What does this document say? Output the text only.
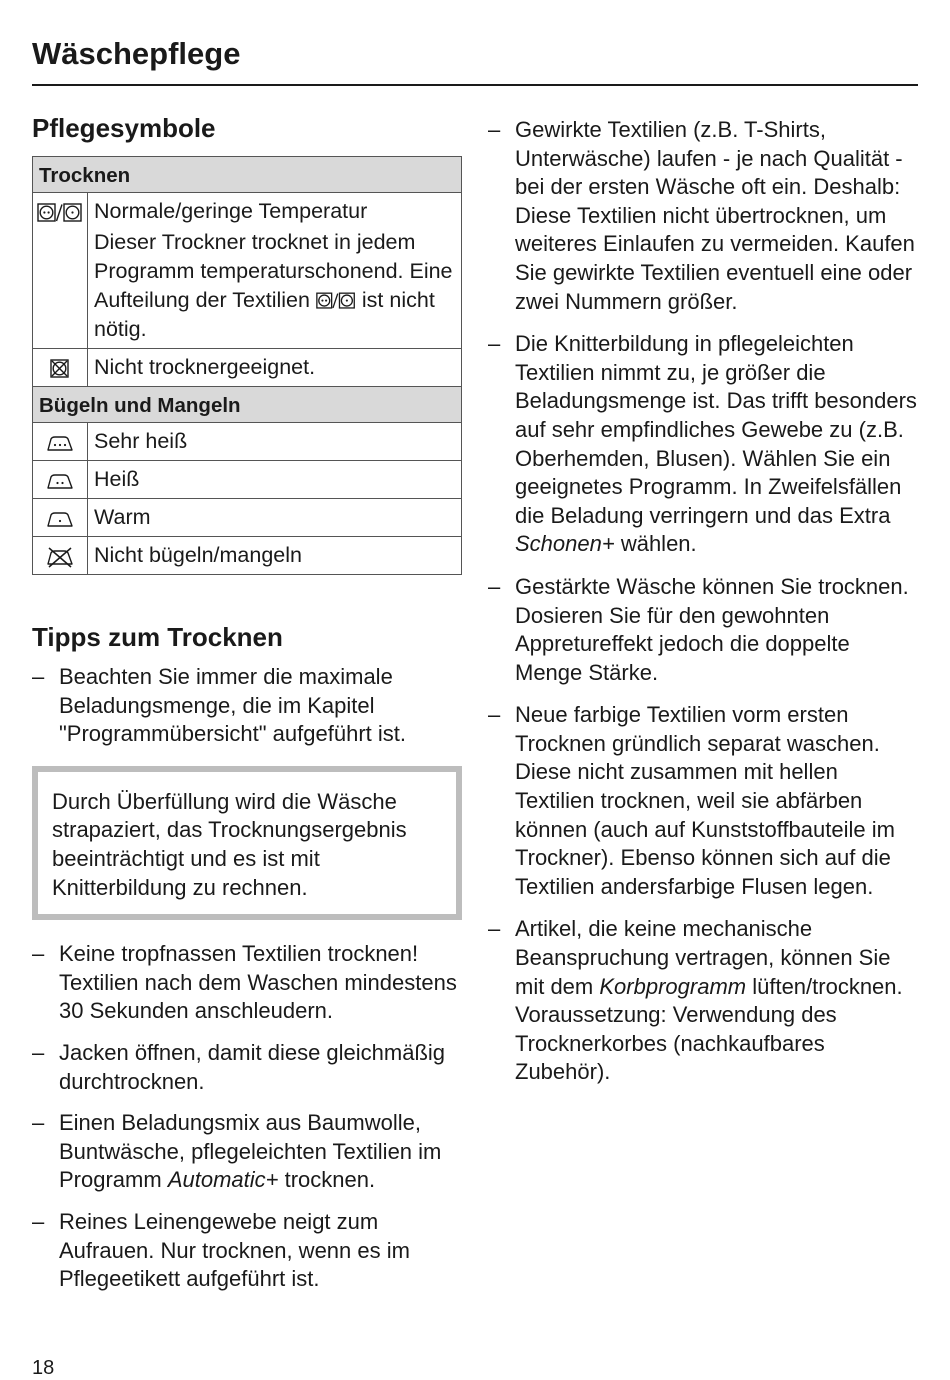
Wäschepflege
Pflegesymbole
Trocknen	
	Normale/geringe Temperatur
Dieser Trockner trocknet in jedem Programm temperaturschonend. Eine Aufteilung der Textilien ist nicht nötig.

	Nicht trocknergeeignet.
Bügeln und Mangeln	
	Sehr heiß
	Heiß
	Warm
	Nicht bügeln/mangeln
Tipps zum Trocknen
– Beachten Sie immer die maximale Beladungsmenge, die im Kapitel "Programmübersicht" aufgeführt ist.
Durch Überfüllung wird die Wäsche strapaziert, das Trocknungsergebnis beeinträchtigt und es ist mit Knitterbildung zu rechnen.
– Keine tropfnassen Textilien trocknen! Textilien nach dem Waschen mindestens 30 Sekunden anschleudern.
– Jacken öffnen, damit diese gleichmäßig durchtrocknen.
– Einen Beladungsmix aus Baumwolle, Buntwäsche, pflegeleichten Textilien im Programm Automatic+ trocknen.
– Reines Leinengewebe neigt zum Aufrauen. Nur trocknen, wenn es im Pflegeetikett aufgeführt ist.
– Gewirkte Textilien (z.B. T-Shirts, Unterwäsche) laufen - je nach Qualität - bei der ersten Wäsche oft ein. Deshalb: Diese Textilien nicht übertrocknen, um weiteres Einlaufen zu vermeiden. Kaufen Sie gewirkte Textilien eventuell eine oder zwei Nummern größer.
– Die Knitterbildung in pflegeleichten Textilien nimmt zu, je größer die Beladungsmenge ist. Das trifft besonders auf sehr empfindliches Gewebe zu (z.B. Oberhemden, Blusen). Wählen Sie ein geeignetes Programm. In Zweifelsfällen die Beladung verringern und das Extra Schonen+ wählen.
– Gestärkte Wäsche können Sie trocknen. Dosieren Sie für den gewohnten Appretureffekt jedoch die doppelte Menge Stärke.
– Neue farbige Textilien vorm ersten Trocknen gründlich separat waschen. Diese nicht zusammen mit hellen Textilien trocknen, weil sie abfärben können (auch auf Kunststoffbauteile im Trockner). Ebenso können sich auf die Textilien andersfarbige Flusen legen.
– Artikel, die keine mechanische Beanspruchung vertragen, können Sie mit dem Korbprogramm lüften/trocknen. Voraussetzung: Verwendung des Trocknerkorbes (nachkaufbares Zubehör).
18
